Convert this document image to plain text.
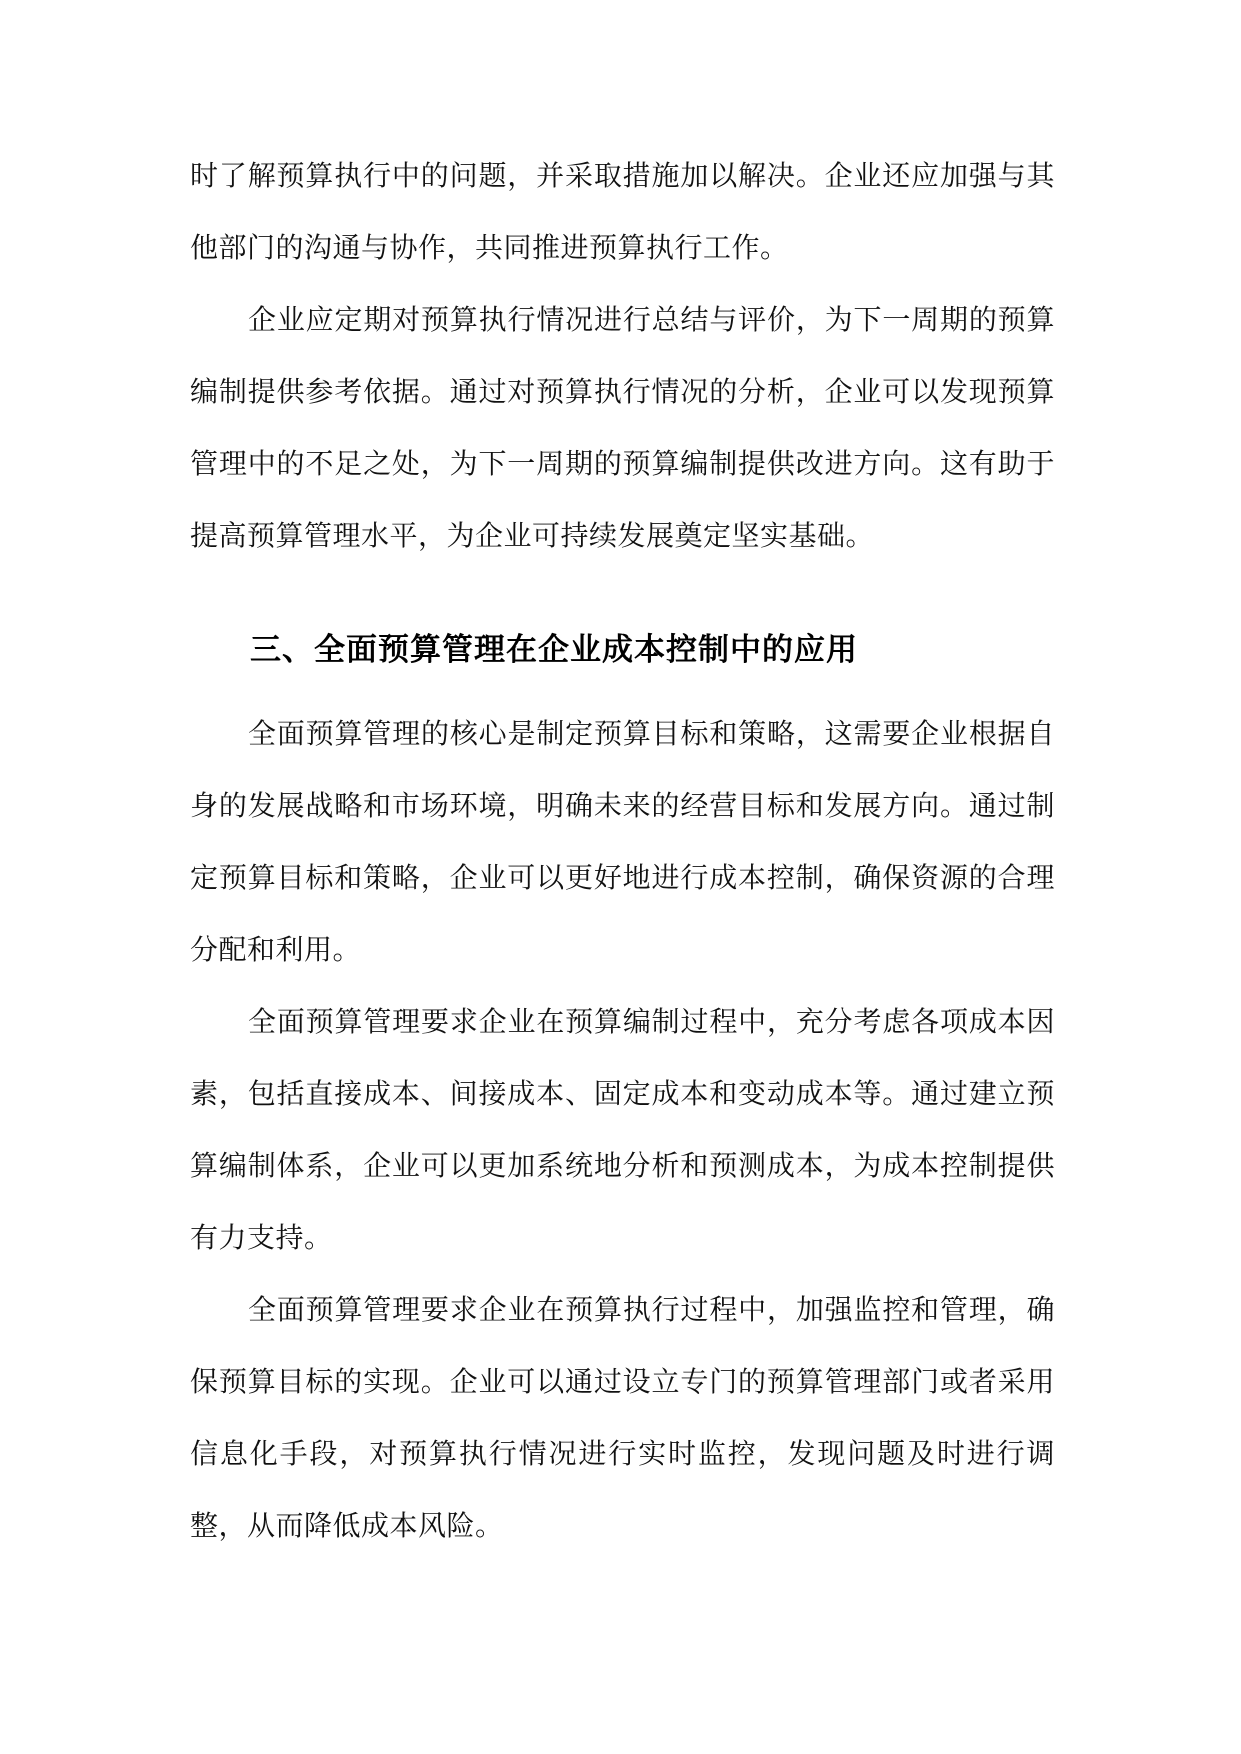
时了解预算执行中的问题，并采取措施加以解决。企业还应加强与其他部门的沟通与协作，共同推进预算执行工作。

企业应定期对预算执行情况进行总结与评价，为下一周期的预算编制提供参考依据。通过对预算执行情况的分析，企业可以发现预算管理中的不足之处，为下一周期的预算编制提供改进方向。这有助于提高预算管理水平，为企业可持续发展奠定坚实基础。

三、全面预算管理在企业成本控制中的应用

全面预算管理的核心是制定预算目标和策略，这需要企业根据自身的发展战略和市场环境，明确未来的经营目标和发展方向。通过制定预算目标和策略，企业可以更好地进行成本控制，确保资源的合理分配和利用。

全面预算管理要求企业在预算编制过程中，充分考虑各项成本因素，包括直接成本、间接成本、固定成本和变动成本等。通过建立预算编制体系，企业可以更加系统地分析和预测成本，为成本控制提供有力支持。

全面预算管理要求企业在预算执行过程中，加强监控和管理，确保预算目标的实现。企业可以通过设立专门的预算管理部门或者采用信息化手段，对预算执行情况进行实时监控，发现问题及时进行调整，从而降低成本风险。
